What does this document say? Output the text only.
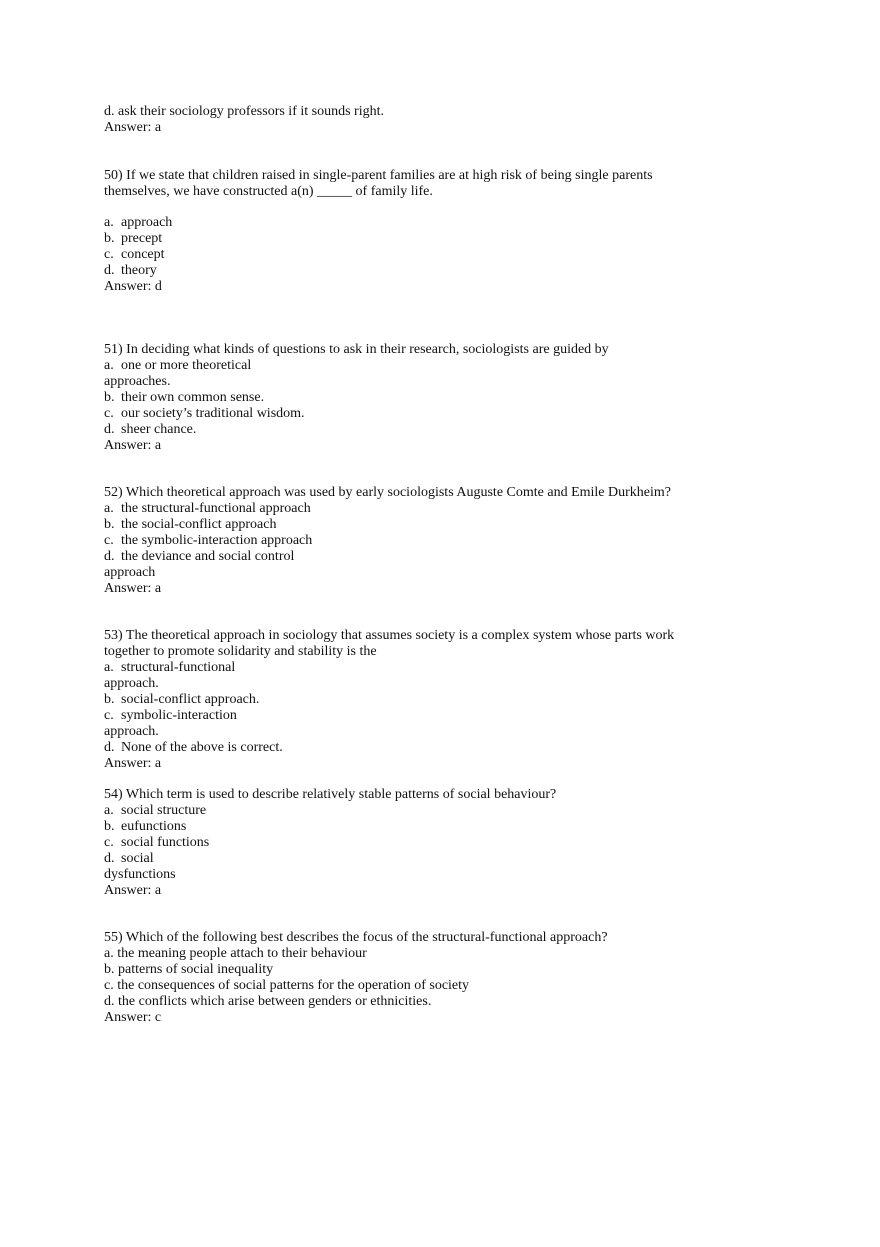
d. ask their sociology professors if it sounds right.
Answer: a
50) If we state that children raised in single-parent families are at high risk of being single parents
themselves, we have constructed a(n) _____ of family life.
a. approach
b. precept
c. concept
d. theory
Answer: d
51) In deciding what kinds of questions to ask in their research, sociologists are guided by
a. one or more theoretical
approaches.
b. their own common sense.
c. our society’s traditional wisdom.
d. sheer chance.
Answer: a
52) Which theoretical approach was used by early sociologists Auguste Comte and Emile Durkheim?
a. the structural-functional approach
b. the social-conflict approach
c. the symbolic-interaction approach
d. the deviance and social control
approach
Answer: a
53) The theoretical approach in sociology that assumes society is a complex system whose parts work
together to promote solidarity and stability is the
a. structural-functional
approach.
b. social-conflict approach.
c. symbolic-interaction
approach.
d. None of the above is correct.
Answer: a
54) Which term is used to describe relatively stable patterns of social behaviour?
a. social structure
b. eufunctions
c. social functions
d. social
dysfunctions
Answer: a
55) Which of the following best describes the focus of the structural-functional approach?
a. the meaning people attach to their behaviour
b. patterns of social inequality
c. the consequences of social patterns for the operation of society
d. the conflicts which arise between genders or ethnicities.
Answer: c
